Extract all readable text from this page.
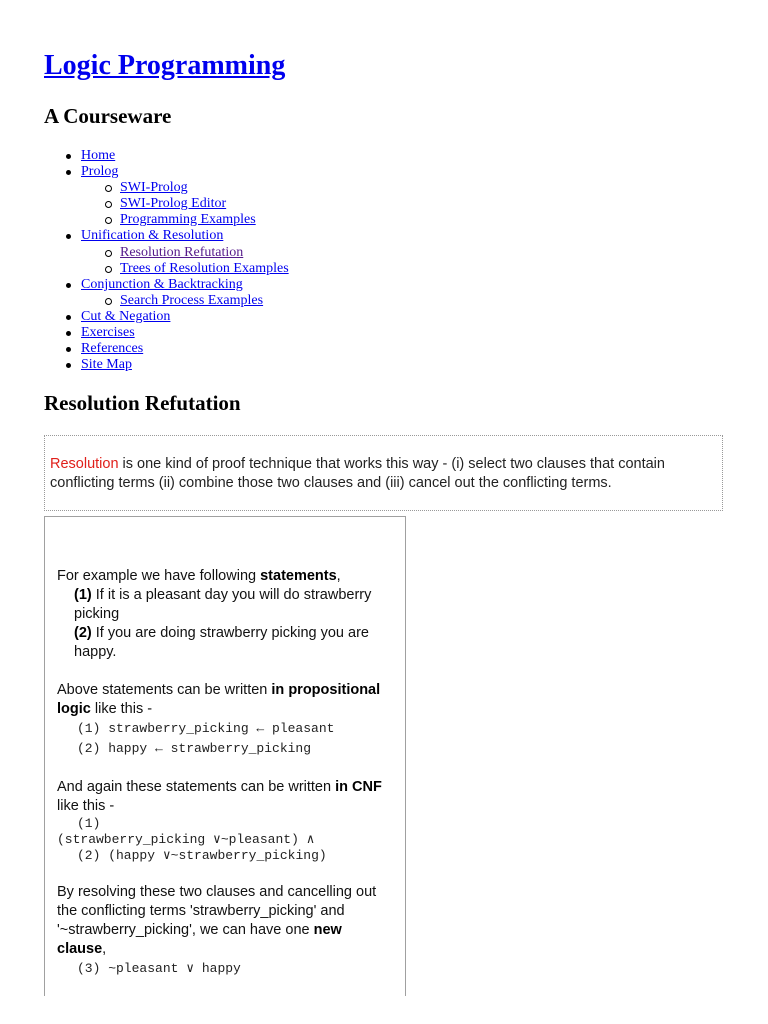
Logic Programming
A Courseware
Home
Prolog
SWI-Prolog
SWI-Prolog Editor
Programming Examples
Unification & Resolution
Resolution Refutation
Trees of Resolution Examples
Conjunction & Backtracking
Search Process Examples
Cut & Negation
Exercises
References
Site Map
Resolution Refutation
Resolution is one kind of proof technique that works this way - (i) select two clauses that contain conflicting terms (ii) combine those two clauses and (iii) cancel out the conflicting terms.

For example we have following statements,

(1) If it is a pleasant day you will do strawberry picking

(2) If you are doing strawberry picking you are happy.

Above statements can be written in propositional logic like this -

(1) strawberry_picking ← pleasant
(2) happy ← strawberry_picking

And again these statements can be written in CNF like this -

(1)
(strawberry_picking ∨~pleasant) ∧
(2) (happy ∨~strawberry_picking)

By resolving these two clauses and cancelling out the conflicting terms 'strawberry_picking' and '~strawberry_picking', we can have one new clause,

(3) ~pleasant ∨ happy
